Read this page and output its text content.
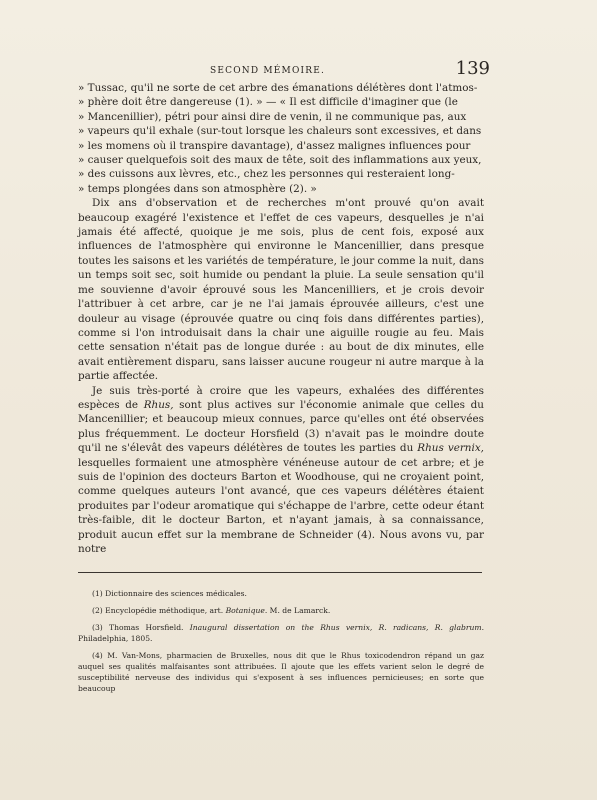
SECOND MÉMOIRE.	139

» Tussac, qu'il ne sorte de cet arbre des émanations délétères dont l'atmos-

» phère doit être dangereuse (1). » — « Il est difficile d'imaginer que (le

» Mancenillier), pétri pour ainsi dire de venin, il ne communique pas, aux

» vapeurs qu'il exhale (sur-tout lorsque les chaleurs sont excessives, et dans

» les momens où il transpire davantage), d'assez malignes influences pour

» causer quelquefois soit des maux de tête, soit des inflammations aux yeux,

» des cuissons aux lèvres, etc., chez les personnes qui resteraient long-

» temps plongées dans son atmosphère (2). »

Dix ans d'observation et de recherches m'ont prouvé qu'on avait beaucoup exagéré l'existence et l'effet de ces vapeurs, desquelles je n'ai jamais été affecté, quoique je me sois, plus de cent fois, exposé aux influences de l'atmosphère qui environne le Mancenillier, dans presque toutes les saisons et les variétés de température, le jour comme la nuit, dans un temps soit sec, soit humide ou pendant la pluie. La seule sensation qu'il me souvienne d'avoir éprouvé sous les Mancenilliers, et je crois devoir l'attribuer à cet arbre, car je ne l'ai jamais éprouvée ailleurs, c'est une douleur au visage (éprouvée quatre ou cinq fois dans différentes parties), comme si l'on introduisait dans la chair une aiguille rougie au feu. Mais cette sensation n'était pas de longue durée : au bout de dix minutes, elle avait entièrement disparu, sans laisser aucune rougeur ni autre marque à la partie affectée.

Je suis très-porté à croire que les vapeurs, exhalées des différentes espèces de Rhus, sont plus actives sur l'économie animale que celles du Mancenillier; et beaucoup mieux connues, parce qu'elles ont été observées plus fréquemment. Le docteur Horsfield (3) n'avait pas le moindre doute qu'il ne s'élevât des vapeurs délétères de toutes les parties du Rhus vernix, lesquelles formaient une atmosphère vénéneuse autour de cet arbre; et je suis de l'opinion des docteurs Barton et Woodhouse, qui ne croyaient point, comme quelques auteurs l'ont avancé, que ces vapeurs délétères étaient produites par l'odeur aromatique qui s'échappe de l'arbre, cette odeur étant très-faible, dit le docteur Barton, et n'ayant jamais, à sa connaissance, produit aucun effet sur la membrane de Schneider (4). Nous avons vu, par notre

(1) Dictionnaire des sciences médicales.

(2) Encyclopédie méthodique, art. Botanique. M. de Lamarck.

(3) Thomas Horsfield. Inaugural dissertation on the Rhus vernix, R. radicans, R. glabrum. Philadelphia, 1805.

(4) M. Van-Mons, pharmacien de Bruxelles, nous dit que le Rhus toxicodendron répand un gaz auquel ses qualités malfaisantes sont attribuées. Il ajoute que les effets varient selon le degré de susceptibilité nerveuse des individus qui s'exposent à ses influences pernicieuses; en sorte que beaucoup
